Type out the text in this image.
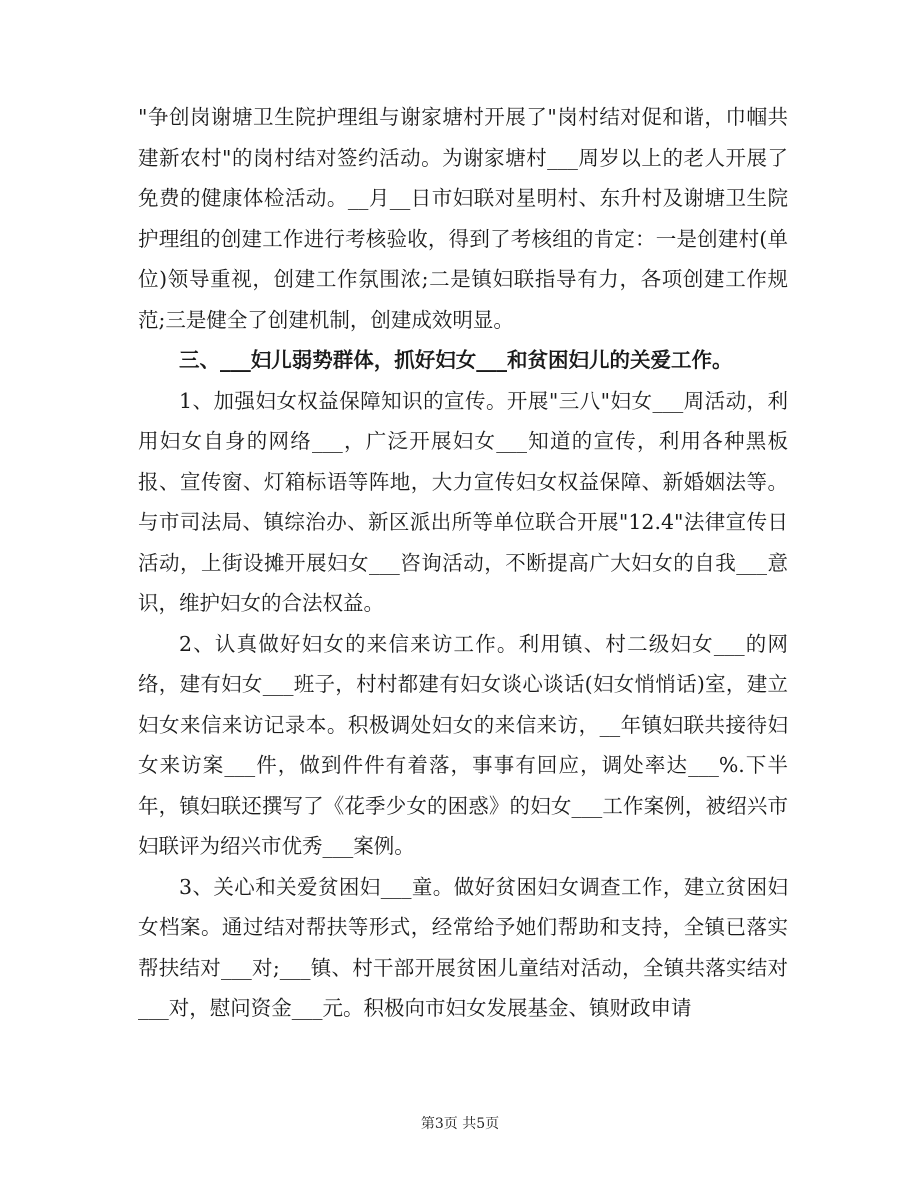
"争创岗谢塘卫生院护理组与谢家塘村开展了"岗村结对促和谐，巾帼共建新农村"的岗村结对签约活动。为谢家塘村___周岁以上的老人开展了免费的健康体检活动。__月__日市妇联对星明村、东升村及谢塘卫生院护理组的创建工作进行考核验收，得到了考核组的肯定：一是创建村(单位)领导重视，创建工作氛围浓;二是镇妇联指导有力，各项创建工作规范;三是健全了创建机制，创建成效明显。

三、___妇儿弱势群体，抓好妇女___和贫困妇儿的关爱工作。

1、加强妇女权益保障知识的宣传。开展"三八"妇女___周活动，利用妇女自身的网络___，广泛开展妇女___知道的宣传，利用各种黑板报、宣传窗、灯箱标语等阵地，大力宣传妇女权益保障、新婚姻法等。与市司法局、镇综治办、新区派出所等单位联合开展"12.4"法律宣传日活动，上街设摊开展妇女___咨询活动，不断提高广大妇女的自我___意识，维护妇女的合法权益。

2、认真做好妇女的来信来访工作。利用镇、村二级妇女___的网络，建有妇女___班子，村村都建有妇女谈心谈话(妇女悄悄话)室，建立妇女来信来访记录本。积极调处妇女的来信来访，__年镇妇联共接待妇女来访案___件，做到件件有着落，事事有回应，调处率达___%.下半年，镇妇联还撰写了《花季少女的困惑》的妇女___工作案例，被绍兴市妇联评为绍兴市优秀___案例。

3、关心和关爱贫困妇___童。做好贫困妇女调查工作，建立贫困妇女档案。通过结对帮扶等形式，经常给予她们帮助和支持，全镇已落实帮扶结对___对;___镇、村干部开展贫困儿童结对活动，全镇共落实结对___对，慰问资金___元。积极向市妇女发展基金、镇财政申请

第3页 共5页
